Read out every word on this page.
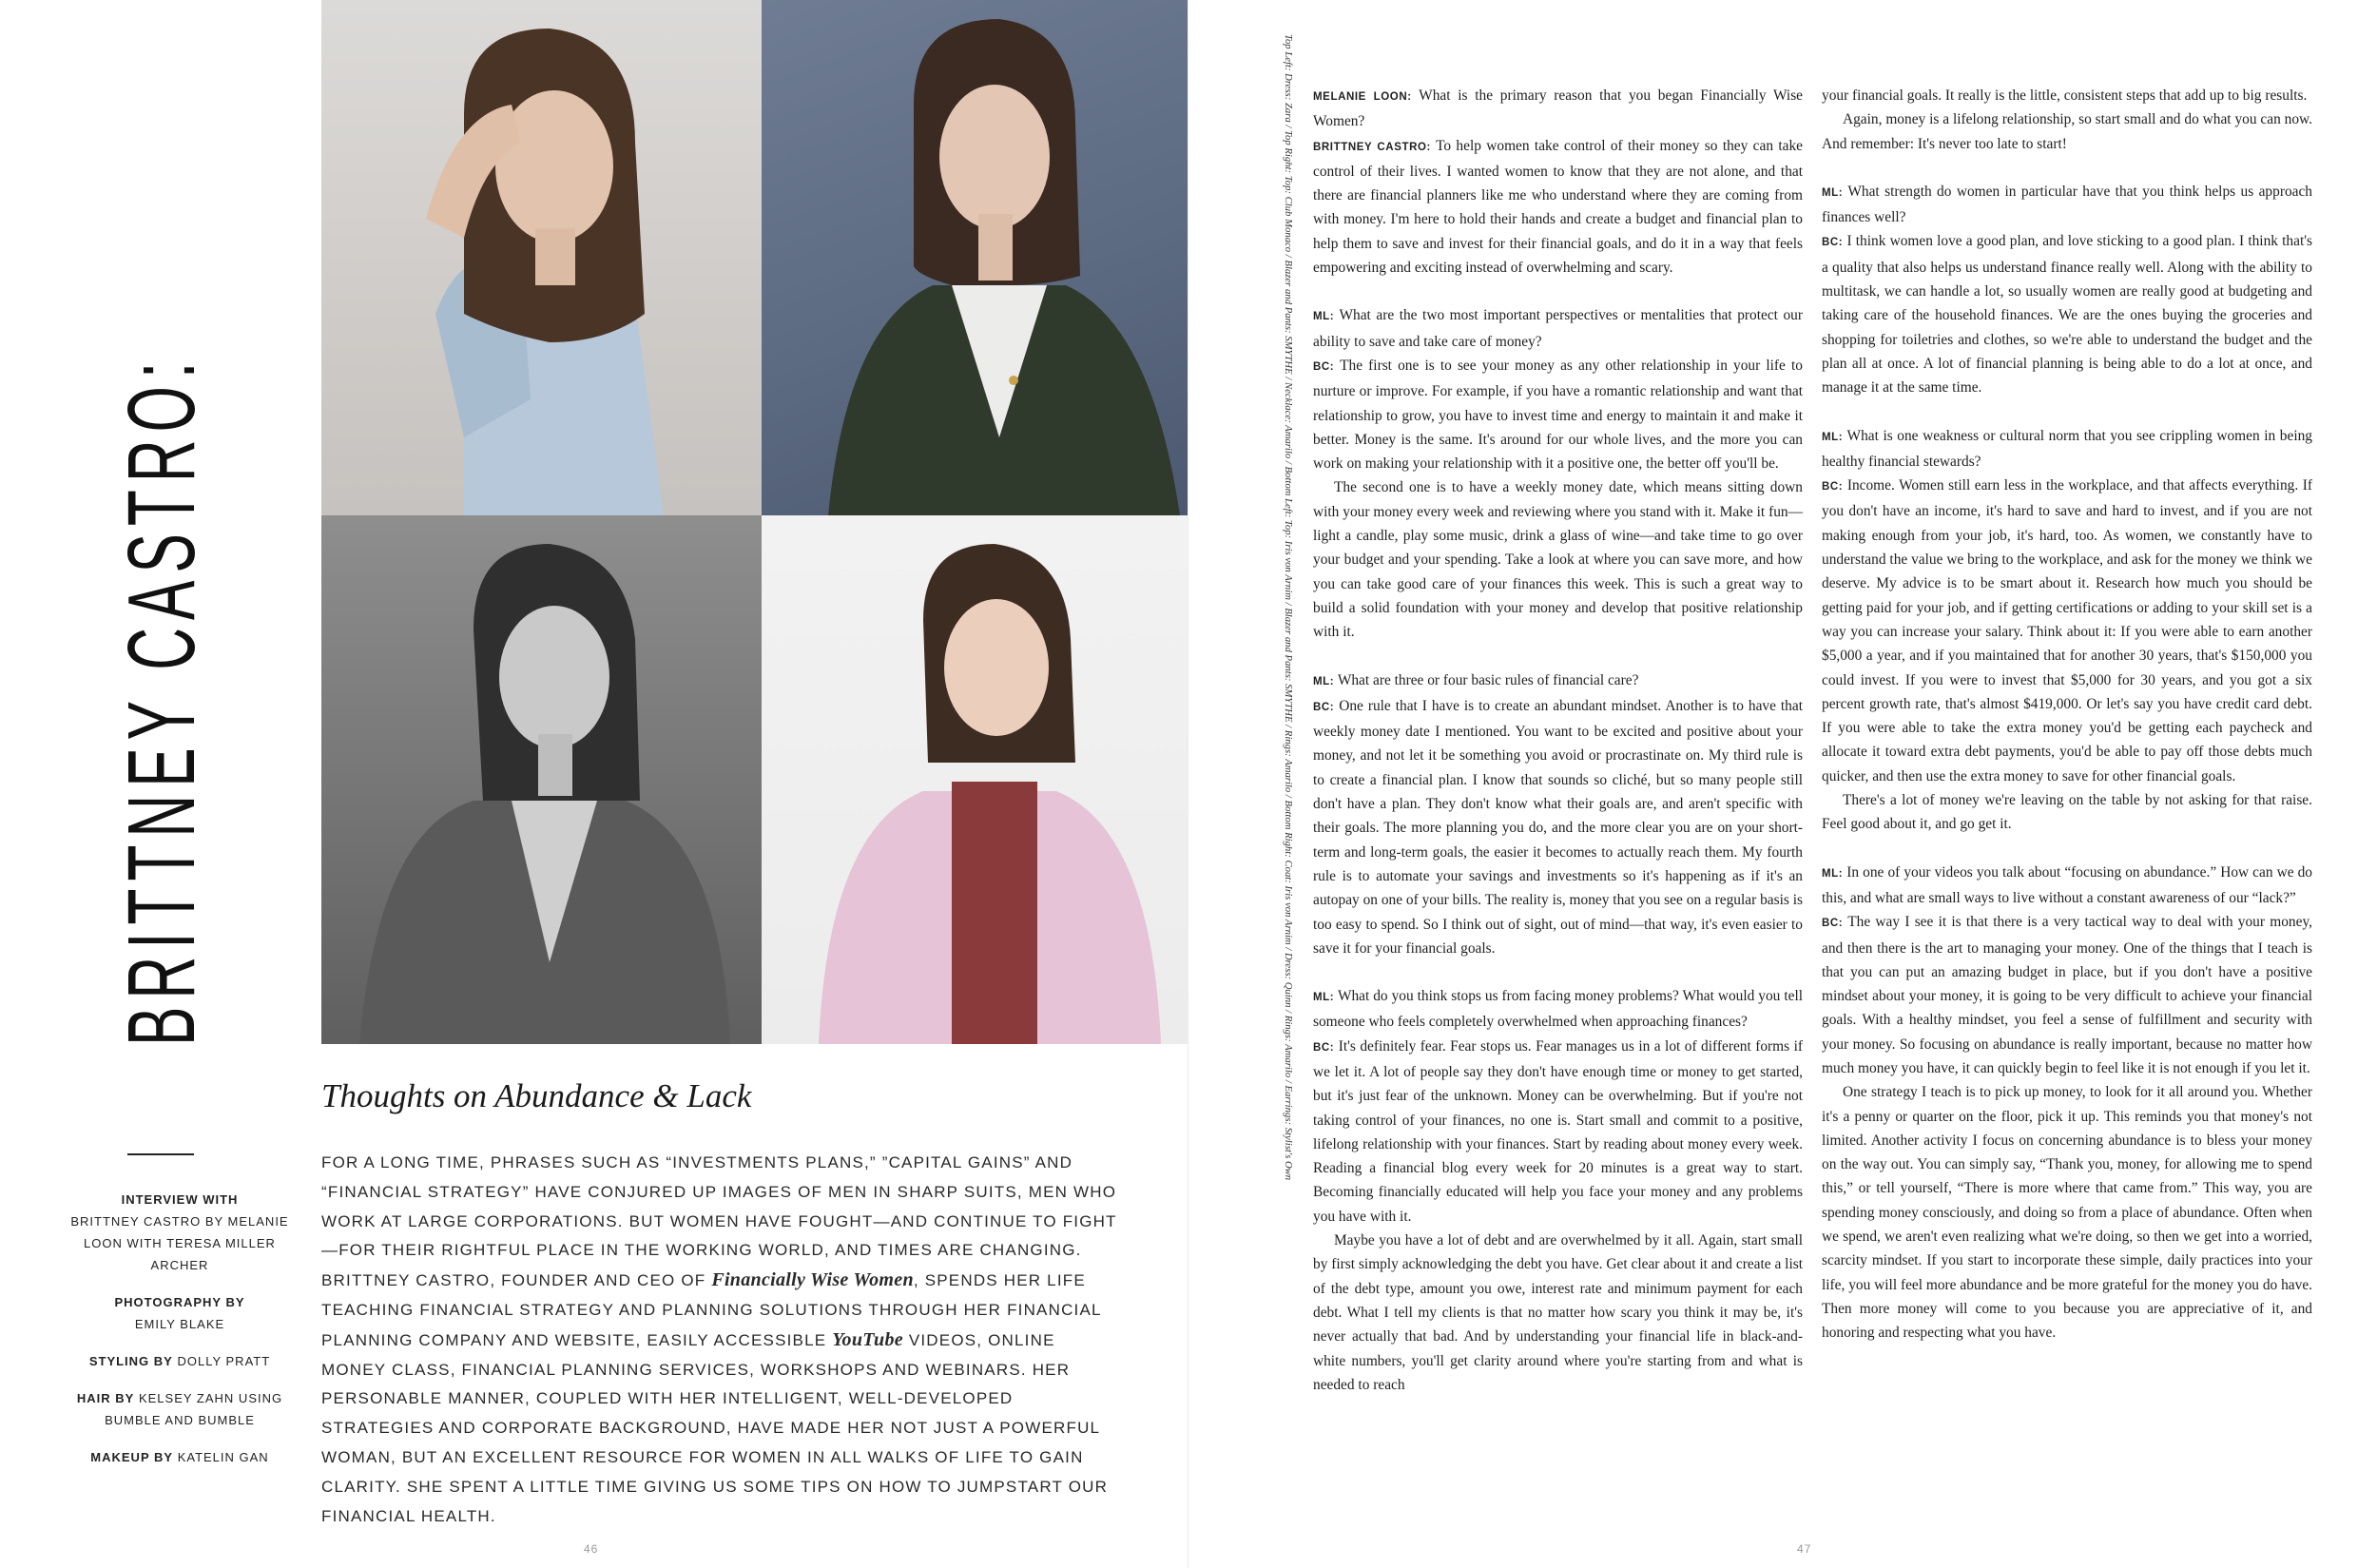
BRITTNEY CASTRO:
INTERVIEW WITH
BRITTNEY CASTRO BY MELANIE LOON WITH TERESA MILLER ARCHER
PHOTOGRAPHY BY
EMILY BLAKE
STYLING BY DOLLY PRATT
HAIR BY KELSEY ZAHN USING BUMBLE AND BUMBLE
MAKEUP BY KATELIN GAN
Thoughts on Abundance & Lack

FOR A LONG TIME, PHRASES SUCH AS “INVESTMENTS PLANS,” ”CAPITAL GAINS” AND “FINANCIAL STRATEGY” HAVE CONJURED UP IMAGES OF MEN IN SHARP SUITS, MEN WHO WORK AT LARGE CORPORATIONS. BUT WOMEN HAVE FOUGHT—AND CONTINUE TO FIGHT—FOR THEIR RIGHTFUL PLACE IN THE WORKING WORLD, AND TIMES ARE CHANGING. BRITTNEY CASTRO, FOUNDER AND CEO OF Financially Wise Women, SPENDS HER LIFE TEACHING FINANCIAL STRATEGY AND PLANNING SOLUTIONS THROUGH HER FINANCIAL PLANNING COMPANY AND WEBSITE, EASILY ACCESSIBLE YouTube VIDEOS, ONLINE MONEY CLASS, FINANCIAL PLANNING SERVICES, WORKSHOPS AND WEBINARS. HER PERSONABLE MANNER, COUPLED WITH HER INTELLIGENT, WELL-DEVELOPED STRATEGIES AND CORPORATE BACKGROUND, HAVE MADE HER NOT JUST A POWERFUL WOMAN, BUT AN EXCELLENT RESOURCE FOR WOMEN IN ALL WALKS OF LIFE TO GAIN CLARITY. SHE SPENT A LITTLE TIME GIVING US SOME TIPS ON HOW TO JUMPSTART OUR FINANCIAL HEALTH.

46	47
Top Left: Dress: Zara / Top Right: Top: Club Monaco / Blazer and Pants: SMYTHE / Necklace: Amarilo / Bottom Left: Top: Iris von Arnim / Blazer and Pants: SMYTHE / Rings: Amarilo / Bottom Right: Coat: Iris von Arnim / Dress: Quinn / Rings: Amarilo / Earrings: Stylist's Own MELANIE LOON: What is the primary reason that you began Financially Wise Women?

BRITTNEY CASTRO: To help women take control of their money so they can take control of their lives. I wanted women to know that they are not alone, and that there are financial planners like me who understand where they are coming from with money. I'm here to hold their hands and create a budget and financial plan to help them to save and invest for their financial goals, and do it in a way that feels empowering and exciting instead of overwhelming and scary.

ML: What are the two most important perspectives or mentalities that protect our ability to save and take care of money?

BC: The first one is to see your money as any other relationship in your life to nurture or improve. For example, if you have a romantic relationship and want that relationship to grow, you have to invest time and energy to maintain it and make it better. Money is the same. It's around for our whole lives, and the more you can work on making your relationship with it a positive one, the better off you'll be.

The second one is to have a weekly money date, which means sitting down with your money every week and reviewing where you stand with it. Make it fun—light a candle, play some music, drink a glass of wine—and take time to go over your budget and your spending. Take a look at where you can save more, and how you can take good care of your finances this week. This is such a great way to build a solid foundation with your money and develop that positive relationship with it.

ML: What are three or four basic rules of financial care?

BC: One rule that I have is to create an abundant mindset. Another is to have that weekly money date I mentioned. You want to be excited and positive about your money, and not let it be something you avoid or procrastinate on. My third rule is to create a financial plan. I know that sounds so cliché, but so many people still don't have a plan. They don't know what their goals are, and aren't specific with their goals. The more planning you do, and the more clear you are on your short-term and long-term goals, the easier it becomes to actually reach them. My fourth rule is to automate your savings and investments so it's happening as if it's an autopay on one of your bills. The reality is, money that you see on a regular basis is too easy to spend. So I think out of sight, out of mind—that way, it's even easier to save it for your financial goals.

ML: What do you think stops us from facing money problems? What would you tell someone who feels completely overwhelmed when approaching finances?

BC: It's definitely fear. Fear stops us. Fear manages us in a lot of different forms if we let it. A lot of people say they don't have enough time or money to get started, but it's just fear of the unknown. Money can be overwhelming. But if you're not taking control of your finances, no one is. Start small and commit to a positive, lifelong relationship with your finances. Start by reading about money every week. Reading a financial blog every week for 20 minutes is a great way to start. Becoming financially educated will help you face your money and any problems you have with it.

Maybe you have a lot of debt and are overwhelmed by it all. Again, start small by first simply acknowledging the debt you have. Get clear about it and create a list of the debt type, amount you owe, interest rate and minimum payment for each debt. What I tell my clients is that no matter how scary you think it may be, it's never actually that bad. And by understanding your financial life in black-and-white numbers, you'll get clarity around where you're starting from and what is needed to reach

your financial goals. It really is the little, consistent steps that add up to big results.

Again, money is a lifelong relationship, so start small and do what you can now. And remember: It's never too late to start!

ML: What strength do women in particular have that you think helps us approach finances well?

BC: I think women love a good plan, and love sticking to a good plan. I think that's a quality that also helps us understand finance really well. Along with the ability to multitask, we can handle a lot, so usually women are really good at budgeting and taking care of the household finances. We are the ones buying the groceries and shopping for toiletries and clothes, so we're able to understand the budget and the plan all at once. A lot of financial planning is being able to do a lot at once, and manage it at the same time.

ML: What is one weakness or cultural norm that you see crippling women in being healthy financial stewards?

BC: Income. Women still earn less in the workplace, and that affects everything. If you don't have an income, it's hard to save and hard to invest, and if you are not making enough from your job, it's hard, too. As women, we constantly have to understand the value we bring to the workplace, and ask for the money we think we deserve. My advice is to be smart about it. Research how much you should be getting paid for your job, and if getting certifications or adding to your skill set is a way you can increase your salary. Think about it: If you were able to earn another $5,000 a year, and if you maintained that for another 30 years, that's $150,000 you could invest. If you were to invest that $5,000 for 30 years, and you got a six percent growth rate, that's almost $419,000. Or let's say you have credit card debt. If you were able to take the extra money you'd be getting each paycheck and allocate it toward extra debt payments, you'd be able to pay off those debts much quicker, and then use the extra money to save for other financial goals.

There's a lot of money we're leaving on the table by not asking for that raise. Feel good about it, and go get it.

ML: In one of your videos you talk about “focusing on abundance.” How can we do this, and what are small ways to live without a constant awareness of our “lack?”

BC: The way I see it is that there is a very tactical way to deal with your money, and then there is the art to managing your money. One of the things that I teach is that you can put an amazing budget in place, but if you don't have a positive mindset about your money, it is going to be very difficult to achieve your financial goals. With a healthy mindset, you feel a sense of fulfillment and security with your money. So focusing on abundance is really important, because no matter how much money you have, it can quickly begin to feel like it is not enough if you let it.

One strategy I teach is to pick up money, to look for it all around you. Whether it's a penny or quarter on the floor, pick it up. This reminds you that money's not limited. Another activity I focus on concerning abundance is to bless your money on the way out. You can simply say, “Thank you, money, for allowing me to spend this,” or tell yourself, “There is more where that came from.” This way, you are spending money consciously, and doing so from a place of abundance. Often when we spend, we aren't even realizing what we're doing, so then we get into a worried, scarcity mindset. If you start to incorporate these simple, daily practices into your life, you will feel more abundance and be more grateful for the money you do have. Then more money will come to you because you are appreciative of it, and honoring and respecting what you have.
